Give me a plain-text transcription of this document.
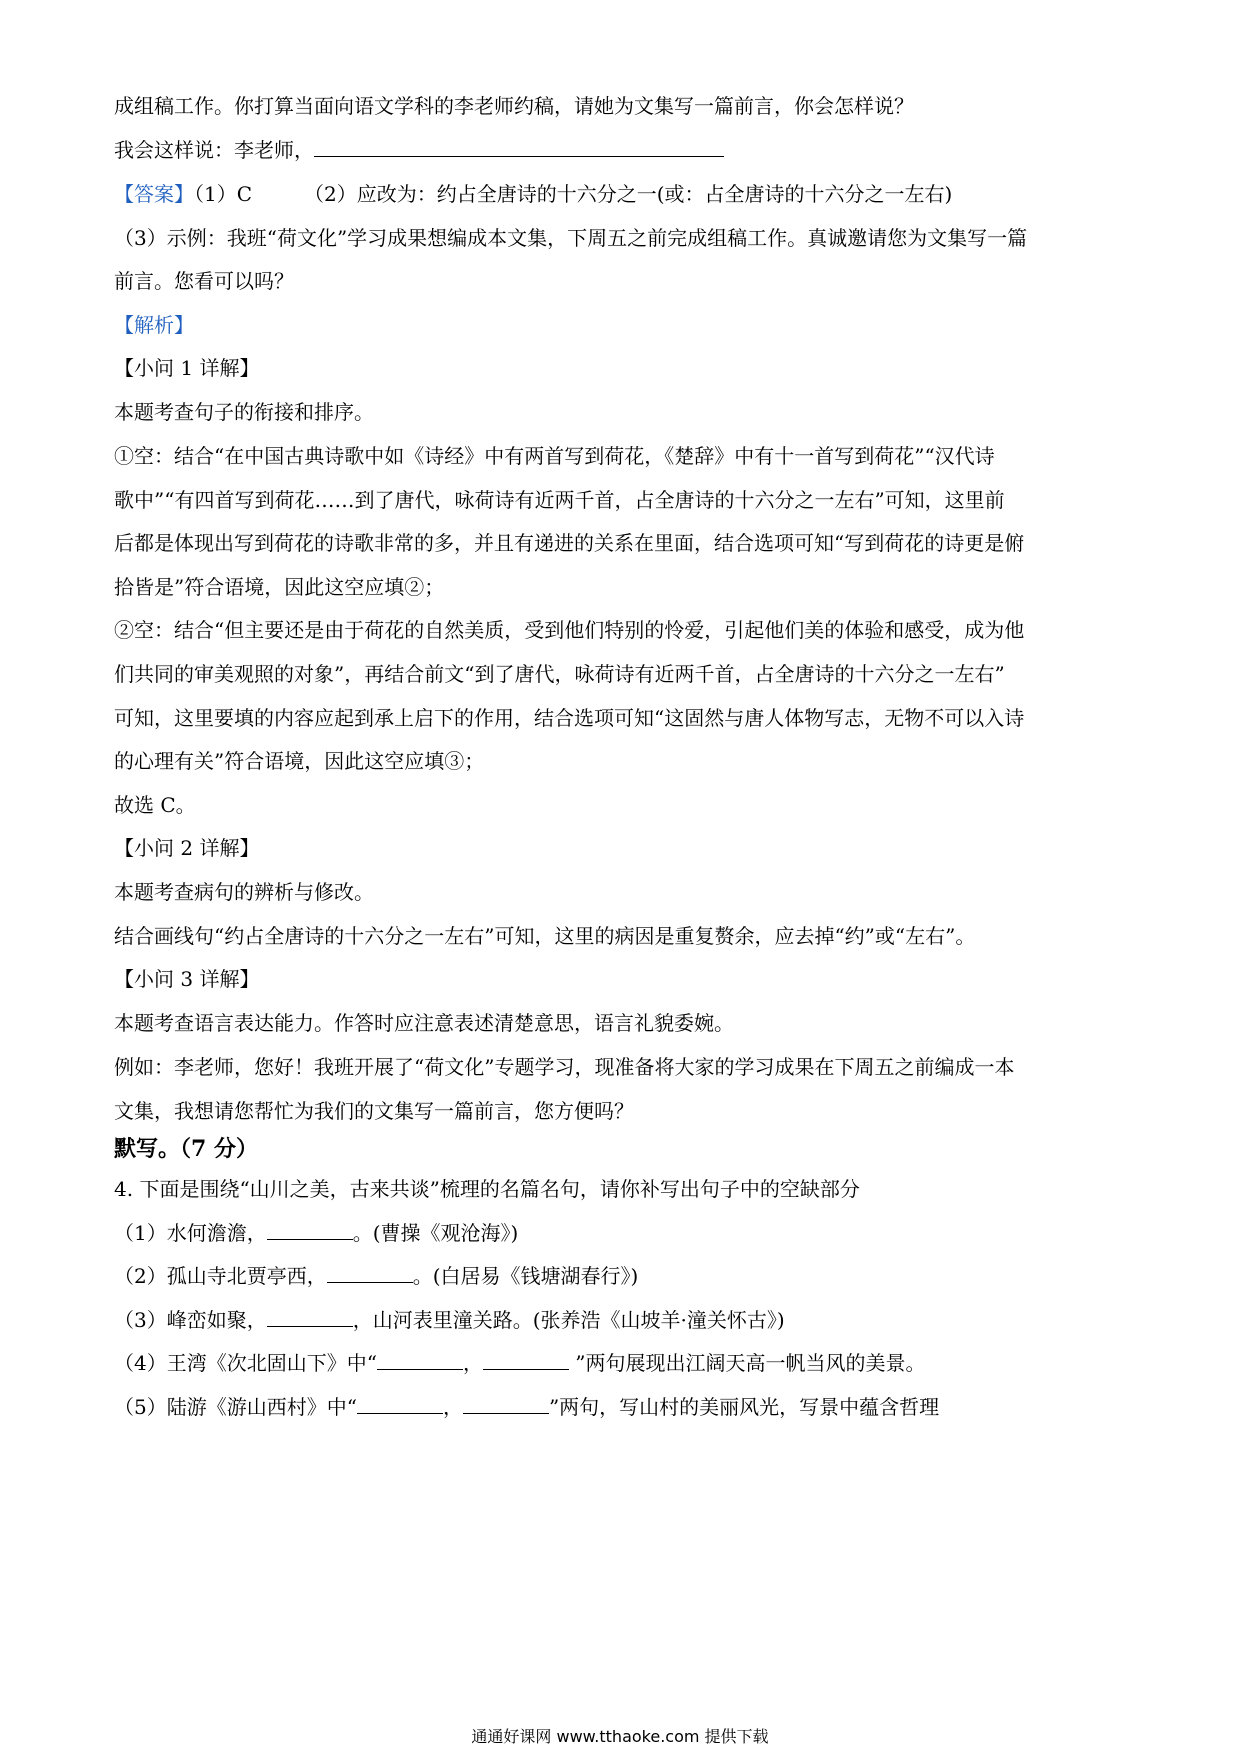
成组稿工作。你打算当面向语文学科的李老师约稿，请她为文集写一篇前言，你会怎样说？
我会这样说：李老师，
【答案】（1）C	（2）应改为：约占全唐诗的十六分之一(或：占全唐诗的十六分之一左右)
（3）示例：我班“荷文化”学习成果想编成本文集，下周五之前完成组稿工作。真诚邀请您为文集写一篇
前言。您看可以吗？
【解析】
【小问 1 详解】
本题考查句子的衔接和排序。
①空：结合“在中国古典诗歌中如《诗经》中有两首写到荷花，《楚辞》中有十一首写到荷花”“汉代诗
歌中”“有四首写到荷花……到了唐代，咏荷诗有近两千首，占全唐诗的十六分之一左右”可知，这里前
后都是体现出写到荷花的诗歌非常的多，并且有递进的关系在里面，结合选项可知“写到荷花的诗更是俯
拾皆是”符合语境，因此这空应填②；
②空：结合“但主要还是由于荷花的自然美质，受到他们特别的怜爱，引起他们美的体验和感受，成为他
们共同的审美观照的对象”，再结合前文“到了唐代，咏荷诗有近两千首，占全唐诗的十六分之一左右”
可知，这里要填的内容应起到承上启下的作用，结合选项可知“这固然与唐人体物写志，无物不可以入诗
的心理有关”符合语境，因此这空应填③；
故选 C。
【小问 2 详解】
本题考查病句的辨析与修改。
结合画线句“约占全唐诗的十六分之一左右”可知，这里的病因是重复赘余，应去掉“约”或“左右”。
【小问 3 详解】
本题考查语言表达能力。作答时应注意表述清楚意思，语言礼貌委婉。
例如：李老师，您好！我班开展了“荷文化”专题学习，现准备将大家的学习成果在下周五之前编成一本
文集，我想请您帮忙为我们的文集写一篇前言，您方便吗？
默写。（7 分）
4. 下面是围绕“山川之美，古来共谈”梳理的名篇名句，请你补写出句子中的空缺部分
（1）水何澹澹，	。(曹操《观沧海》)
（2）孤山寺北贾亭西，	。(白居易《钱塘湖春行》)
（3）峰峦如聚，	，山河表里潼关路。(张养浩《山坡羊·潼关怀古》)
（4）王湾《次北固山下》中“	，	”两句展现出江阔天高一帆当风的美景。
（5）陆游《游山西村》中“	，	”两句，写山村的美丽风光，写景中蕴含哲理
通通好课网 www.tthaoke.com 提供下载
